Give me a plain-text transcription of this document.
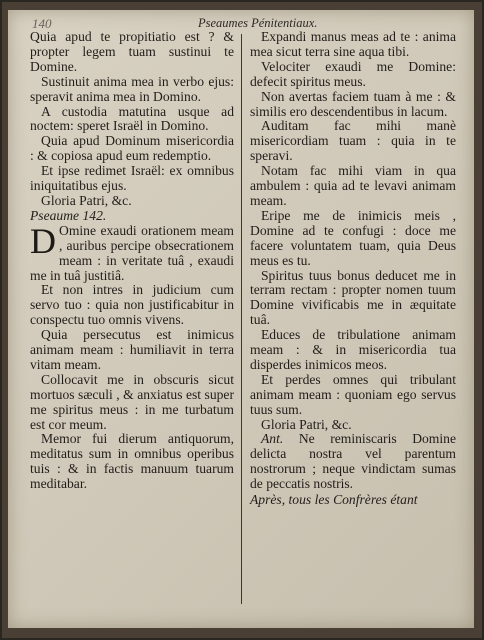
140	Pseaumes Pénitentiaux.

Quia apud te propitiatio est ? & propter legem tuam sustinui te Domine.

Sustinuit anima mea in verbo ejus: speravit anima mea in Domino.

A custodia matutina usque ad noctem: speret Israël in Domino.

Quia apud Dominum misericordia : & copiosa apud eum redemptio.

Et ipse redimet Israël: ex omnibus iniquitatibus ejus.

Gloria Patri, &c.

Pseaume 142.

D Omine exaudi orationem meam , auribus percipe obsecrationem meam : in veritate tuâ , exaudi me in tuâ justitiâ.

Et non intres in judicium cum servo tuo : quia non justificabitur in conspectu tuo omnis vivens.

Quia persecutus est inimicus animam meam : humiliavit in terra vitam meam.

Collocavit me in obscuris sicut mortuos sæculi , & anxiatus est super me spiritus meus : in me turbatum est cor meum.

Memor fui dierum antiquorum, meditatus sum in omnibus operibus tuis : & in factis manuum tuarum meditabar.

Expandi manus meas ad te : anima mea sicut terra sine aqua tibi.

Velociter exaudi me Domine: defecit spiritus meus.

Non avertas faciem tuam à me : & similis ero descendentibus in lacum.

Auditam fac mihi manè misericordiam tuam : quia in te speravi.

Notam fac mihi viam in qua ambulem : quia ad te levavi animam meam.

Eripe me de inimicis meis , Domine ad te confugi : doce me facere voluntatem tuam, quia Deus meus es tu.

Spiritus tuus bonus deducet me in terram rectam : propter nomen tuum Domine vivificabis me in æquitate tuâ.

Educes de tribulatione animam meam : & in misericordia tua disperdes inimicos meos.

Et perdes omnes qui tribulant animam meam : quoniam ego servus tuus sum.

Gloria Patri, &c.

Ant. Ne reminiscaris Domine delicta nostra vel parentum nostrorum ; neque vindictam sumas de peccatis nostris.

Après, tous les Confrères étant
